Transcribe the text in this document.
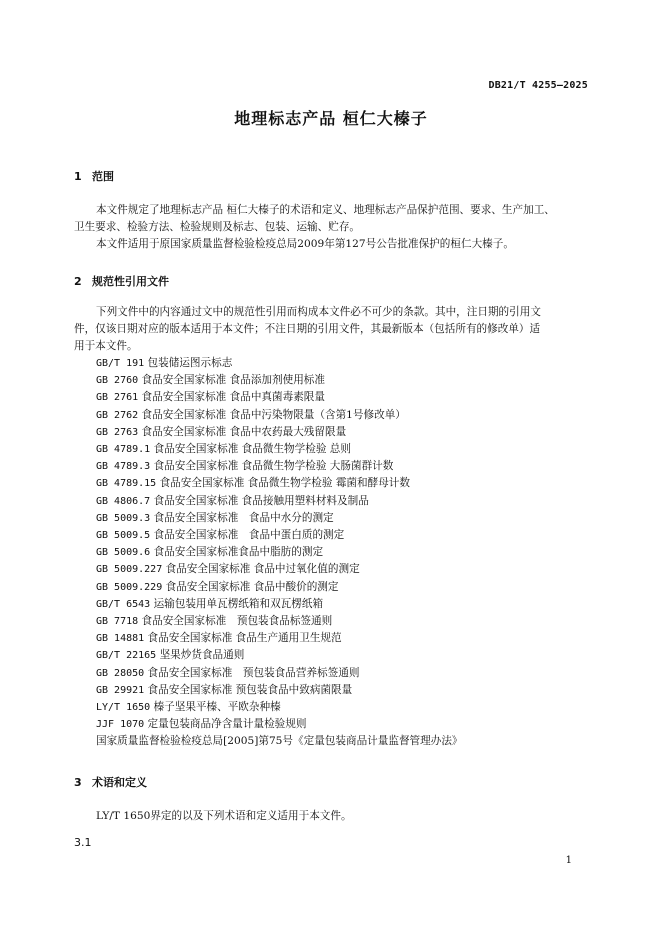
DB21/T 4255—2025
地理标志产品 桓仁大榛子
1 范围
本文件规定了地理标志产品 桓仁大榛子的术语和定义、地理标志产品保护范围、要求、生产加工、
卫生要求、检验方法、检验规则及标志、包装、运输、贮存。
本文件适用于原国家质量监督检验检疫总局2009年第127号公告批准保护的桓仁大榛子。
2 规范性引用文件
下列文件中的内容通过文中的规范性引用而构成本文件必不可少的条款。其中，注日期的引用文
件，仅该日期对应的版本适用于本文件；不注日期的引用文件，其最新版本（包括所有的修改单）适
用于本文件。
GB/T 191 包装储运图示标志
GB 2760 食品安全国家标准 食品添加剂使用标准
GB 2761 食品安全国家标准 食品中真菌毒素限量
GB 2762 食品安全国家标准 食品中污染物限量（含第1号修改单）
GB 2763 食品安全国家标准 食品中农药最大残留限量
GB 4789.1 食品安全国家标准 食品微生物学检验 总则
GB 4789.3 食品安全国家标准 食品微生物学检验 大肠菌群计数
GB 4789.15 食品安全国家标准 食品微生物学检验 霉菌和酵母计数
GB 4806.7 食品安全国家标准 食品接触用塑料材料及制品
GB 5009.3 食品安全国家标准　食品中水分的测定
GB 5009.5 食品安全国家标准　食品中蛋白质的测定
GB 5009.6 食品安全国家标准食品中脂肪的测定
GB 5009.227 食品安全国家标准 食品中过氧化值的测定
GB 5009.229 食品安全国家标准 食品中酸价的测定
GB/T 6543 运输包装用单瓦楞纸箱和双瓦楞纸箱
GB 7718 食品安全国家标准　预包装食品标签通则
GB 14881 食品安全国家标准 食品生产通用卫生规范
GB/T 22165 坚果炒货食品通则
GB 28050 食品安全国家标准　预包装食品营养标签通则
GB 29921 食品安全国家标准 预包装食品中致病菌限量
LY/T 1650 榛子坚果平榛、平欧杂种榛
JJF 1070 定量包装商品净含量计量检验规则
国家质量监督检验检疫总局[2005]第75号《定量包装商品计量监督管理办法》
3 术语和定义
LY/T 1650界定的以及下列术语和定义适用于本文件。
3.1
1
